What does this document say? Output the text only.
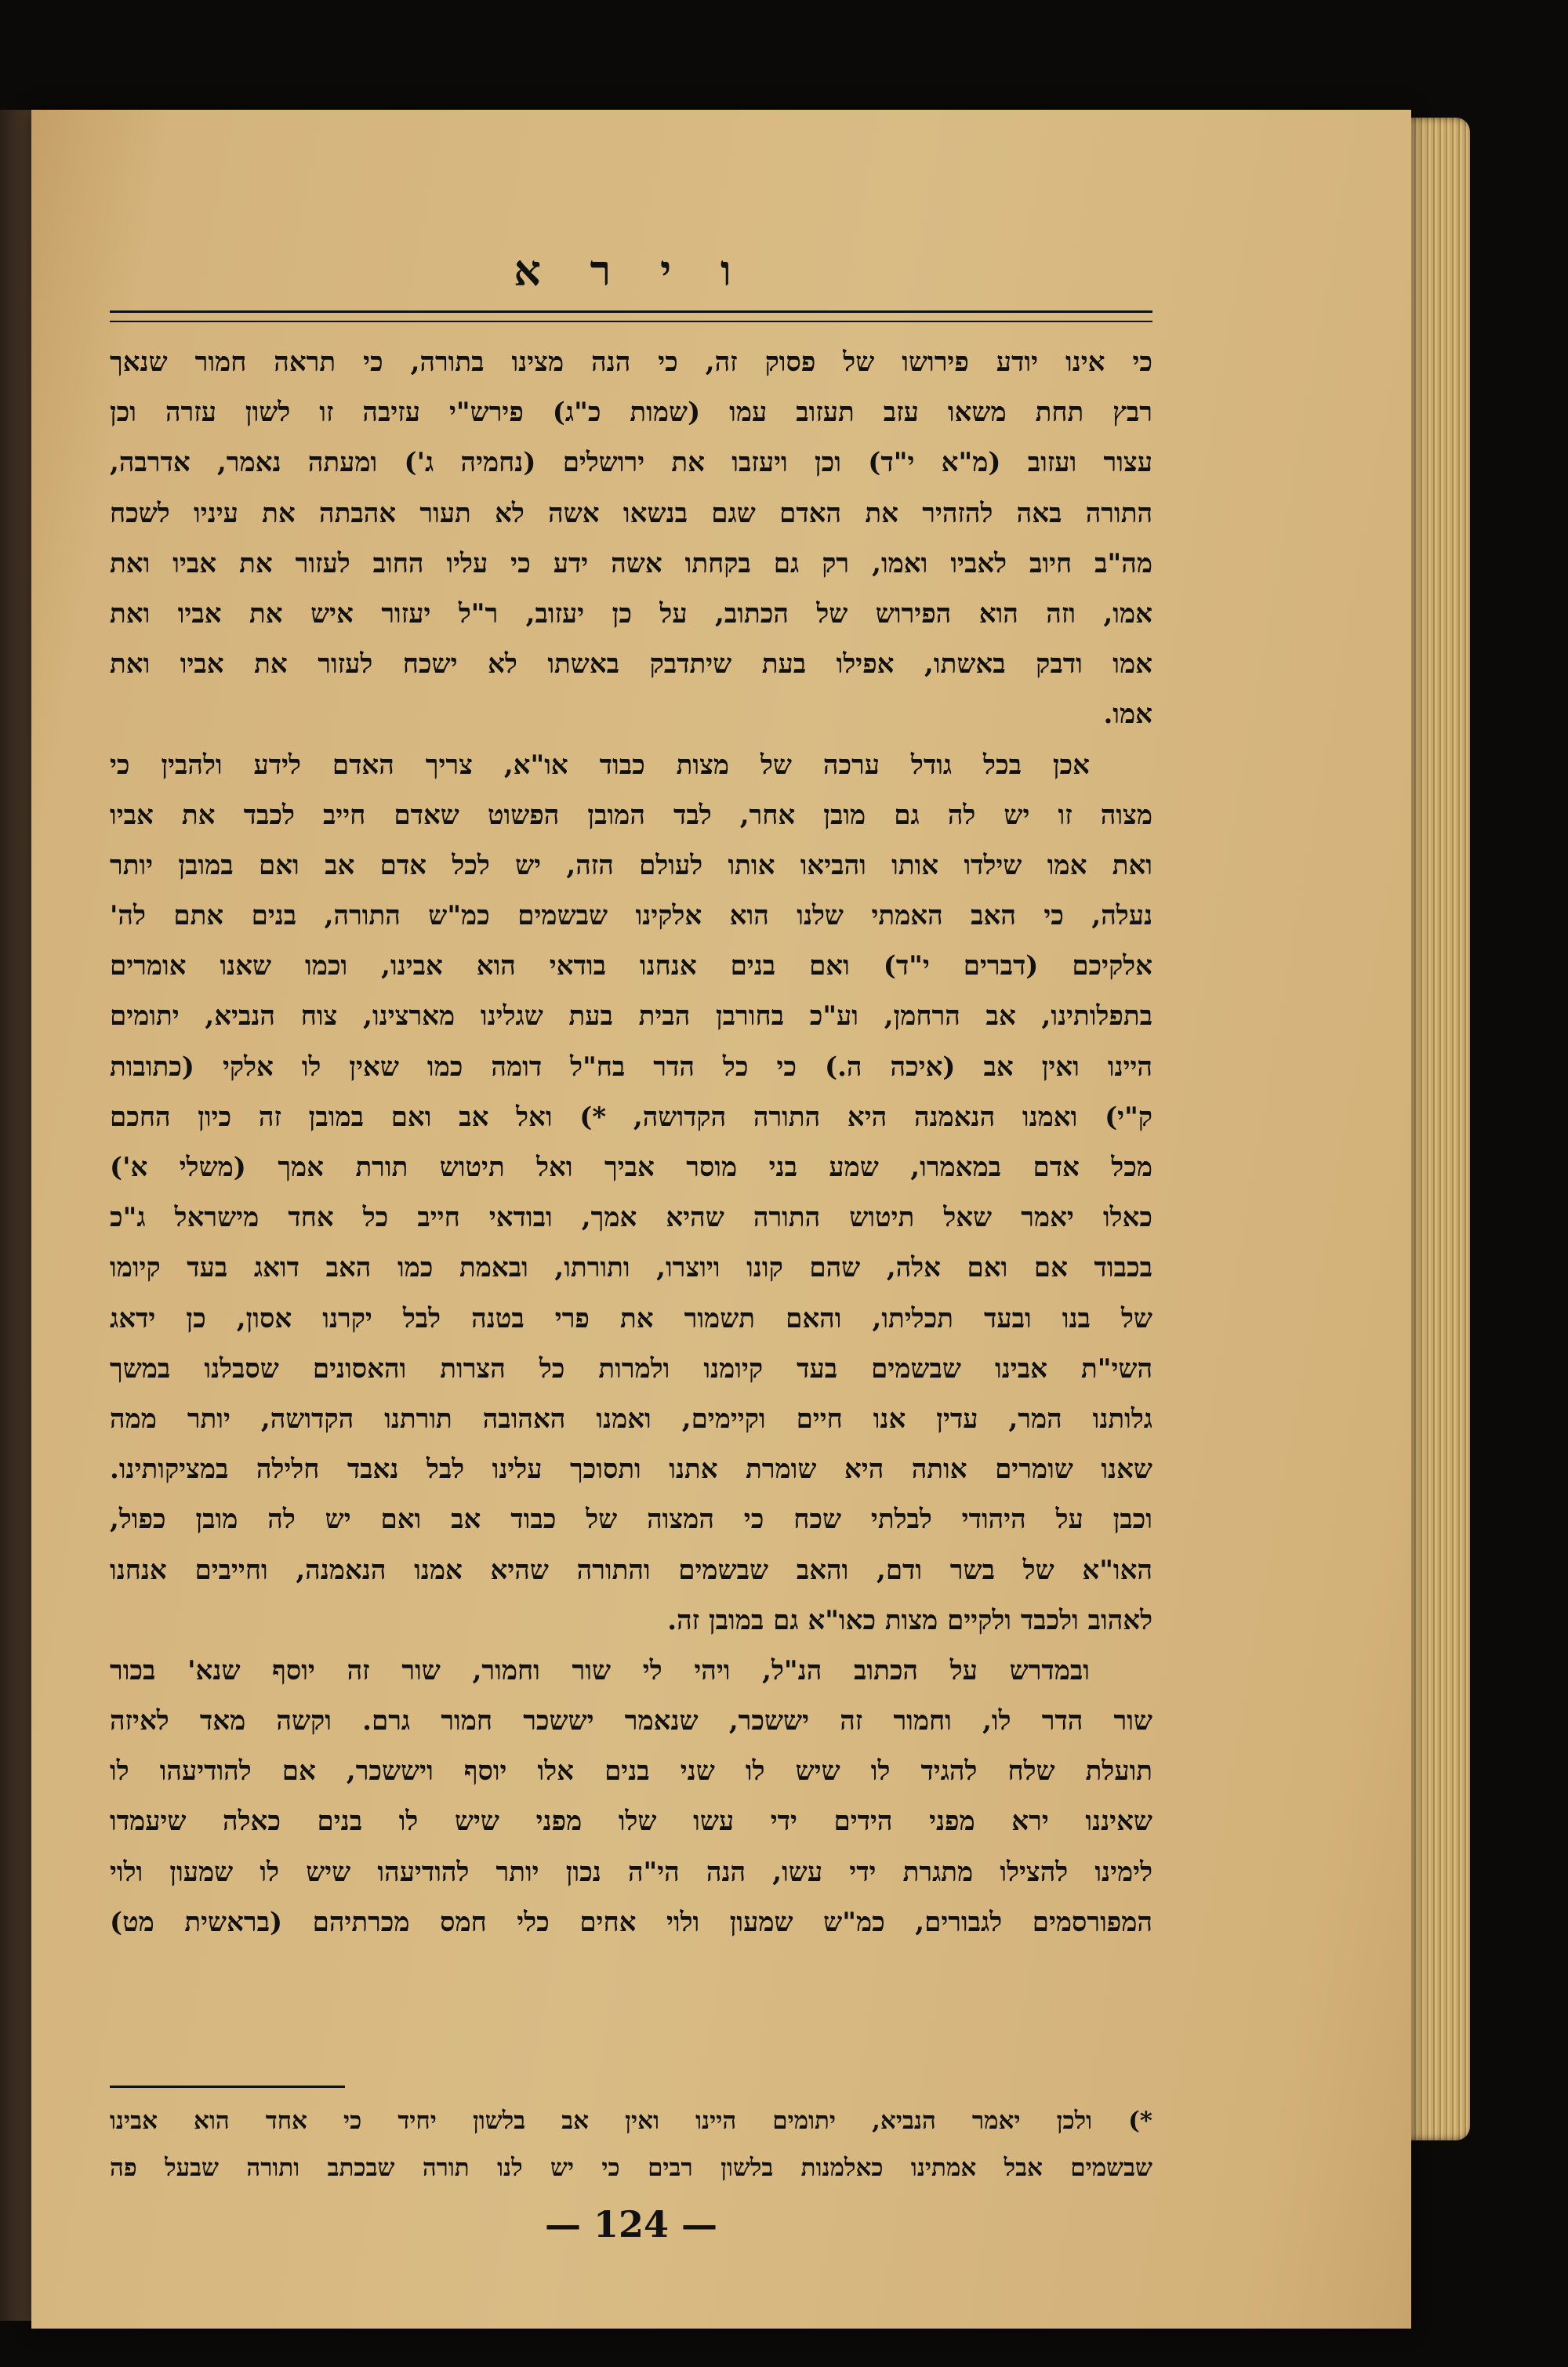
ו י ר א
כי אינו יודע פירושו של פסוק זה, כי הנה מצינו בתורה, כי תראה חמור שנאך
רבץ תחת משאו עזב תעזוב עמו (שמות כ"ג) פירש"י עזיבה זו לשון עזרה וכן
עצור ועזוב (מ"א י"ד) וכן ויעזבו את ירושלים (נחמיה ג') ומעתה נאמר, אדרבה,
התורה באה להזהיר את האדם שגם בנשאו אשה לא תעור אהבתה את עיניו לשכח
מה"ב חיוב לאביו ואמו, רק גם בקחתו אשה ידע כי עליו החוב לעזור את אביו ואת
אמו, וזה הוא הפירוש של הכתוב, על כן יעזוב, ר"ל יעזור איש את אביו ואת
אמו ודבק באשתו, אפילו בעת שיתדבק באשתו לא ישכח לעזור את אביו ואת
אמו.
אכן בכל גודל ערכה של מצות כבוד או"א, צריך האדם לידע ולהבין כי
מצוה זו יש לה גם מובן אחר, לבד המובן הפשוט שאדם חייב לכבד את אביו
ואת אמו שילדו אותו והביאו אותו לעולם הזה, יש לכל אדם אב ואם במובן יותר
נעלה, כי האב האמתי שלנו הוא אלקינו שבשמים כמ"ש התורה, בנים אתם לה'
אלקיכם (דברים י"ד) ואם בנים אנחנו בודאי הוא אבינו, וכמו שאנו אומרים
בתפלותינו, אב הרחמן, וע"כ בחורבן הבית בעת שגלינו מארצינו, צוח הנביא, יתומים
היינו ואין אב (איכה ה.) כי כל הדר בח"ל דומה כמו שאין לו אלקי (כתובות
ק"י) ואמנו הנאמנה היא התורה הקדושה, *) ואל אב ואם במובן זה כיון החכם
מכל אדם במאמרו, שמע בני מוסר אביך ואל תיטוש תורת אמך (משלי א')
כאלו יאמר שאל תיטוש התורה שהיא אמך, ובודאי חייב כל אחד מישראל ג"כ
בכבוד אם ואם אלה, שהם קונו ויוצרו, ותורתו, ובאמת כמו האב דואג בעד קיומו
של בנו ובעד תכליתו, והאם תשמור את פרי בטנה לבל יקרנו אסון, כן ידאג
השי"ת אבינו שבשמים בעד קיומנו ולמרות כל הצרות והאסונים שסבלנו במשך
גלותנו המר, עדין אנו חיים וקיימים, ואמנו האהובה תורתנו הקדושה, יותר ממה
שאנו שומרים אותה היא שומרת אתנו ותסוכך עלינו לבל נאבד חלילה במציקותינו.
וכבן על היהודי לבלתי שכח כי המצוה של כבוד אב ואם יש לה מובן כפול,
האו"א של בשר ודם, והאב שבשמים והתורה שהיא אמנו הנאמנה, וחייבים אנחנו
לאהוב ולכבד ולקיים מצות כאו"א גם במובן זה.
ובמדרש על הכתוב הנ"ל, ויהי לי שור וחמור, שור זה יוסף שנא' בכור
שור הדר לו, וחמור זה יששכר, שנאמר יששכר חמור גרם. וקשה מאד לאיזה
תועלת שלח להגיד לו שיש לו שני בנים אלו יוסף ויששכר, אם להודיעהו לו
שאיננו ירא מפני הידים ידי עשו שלו מפני שיש לו בנים כאלה שיעמדו
לימינו להצילו מתגרת ידי עשו, הנה הי"ה נכון יותר להודיעהו שיש לו שמעון ולוי
המפורסמים לגבורים, כמ"ש שמעון ולוי אחים כלי חמס מכרתיהם (בראשית מט)
*) ולכן יאמר הנביא, יתומים היינו ואין אב בלשון יחיד כי אחד הוא אבינו
שבשמים אבל אמתינו כאלמנות בלשון רבים כי יש לנו תורה שבכתב ותורה שבעל פה
— 124 —
